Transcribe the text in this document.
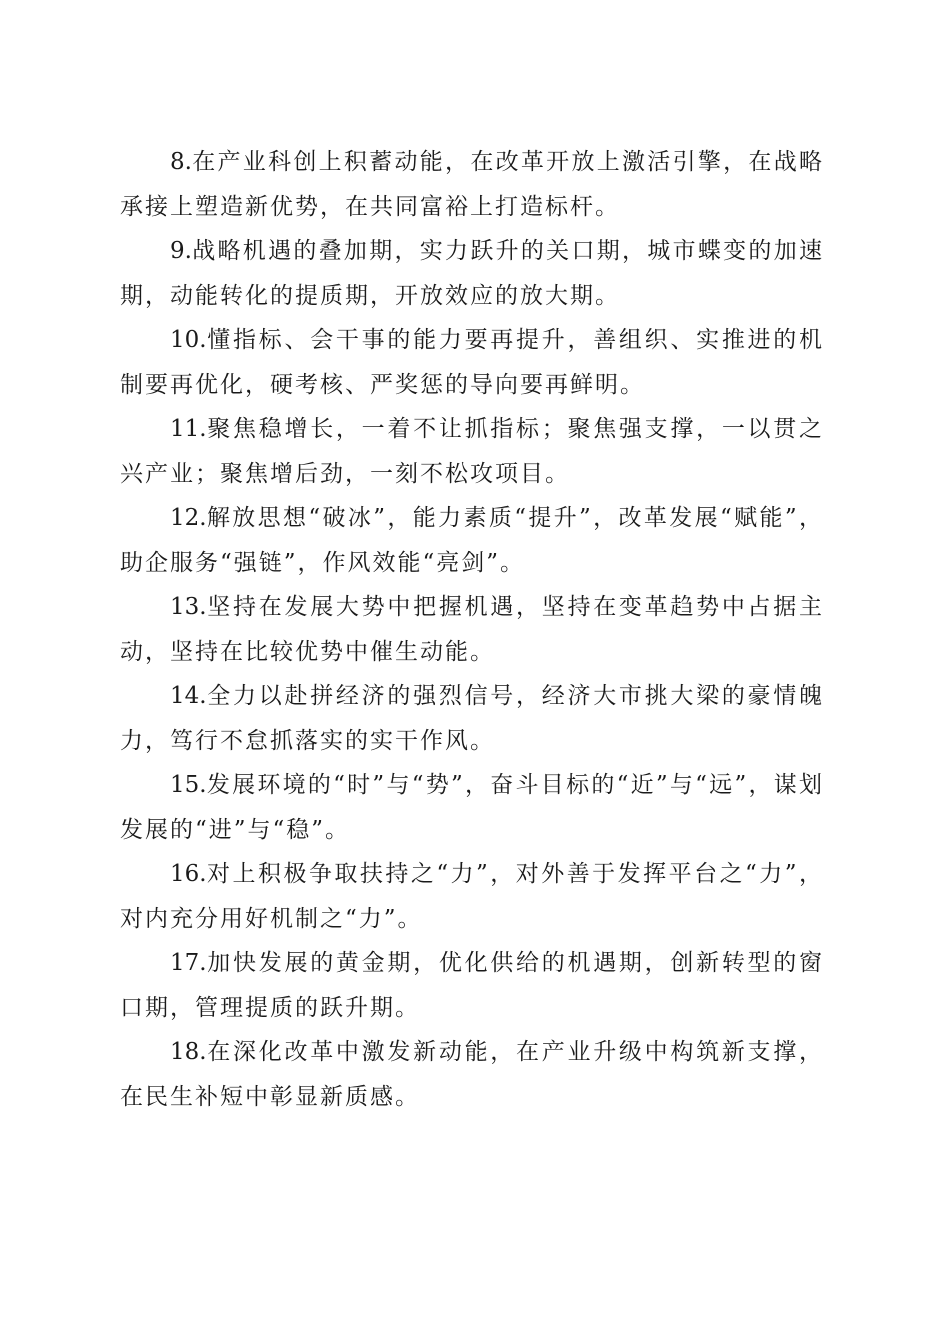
8.在产业科创上积蓄动能，在改革开放上激活引擎，在战略承接上塑造新优势，在共同富裕上打造标杆。

9.战略机遇的叠加期，实力跃升的关口期，城市蝶变的加速期，动能转化的提质期，开放效应的放大期。

10.懂指标、会干事的能力要再提升，善组织、实推进的机制要再优化，硬考核、严奖惩的导向要再鲜明。

11.聚焦稳增长，一着不让抓指标；聚焦强支撑，一以贯之兴产业；聚焦增后劲，一刻不松攻项目。

12.解放思想“破冰”，能力素质“提升”，改革发展“赋能”，助企服务“强链”，作风效能“亮剑”。

13.坚持在发展大势中把握机遇，坚持在变革趋势中占据主动，坚持在比较优势中催生动能。

14.全力以赴拼经济的强烈信号，经济大市挑大梁的豪情魄力，笃行不怠抓落实的实干作风。

15.发展环境的“时”与“势”，奋斗目标的“近”与“远”，谋划发展的“进”与“稳”。

16.对上积极争取扶持之“力”，对外善于发挥平台之“力”，对内充分用好机制之“力”。

17.加快发展的黄金期，优化供给的机遇期，创新转型的窗口期，管理提质的跃升期。

18.在深化改革中激发新动能，在产业升级中构筑新支撑，在民生补短中彰显新质感。
